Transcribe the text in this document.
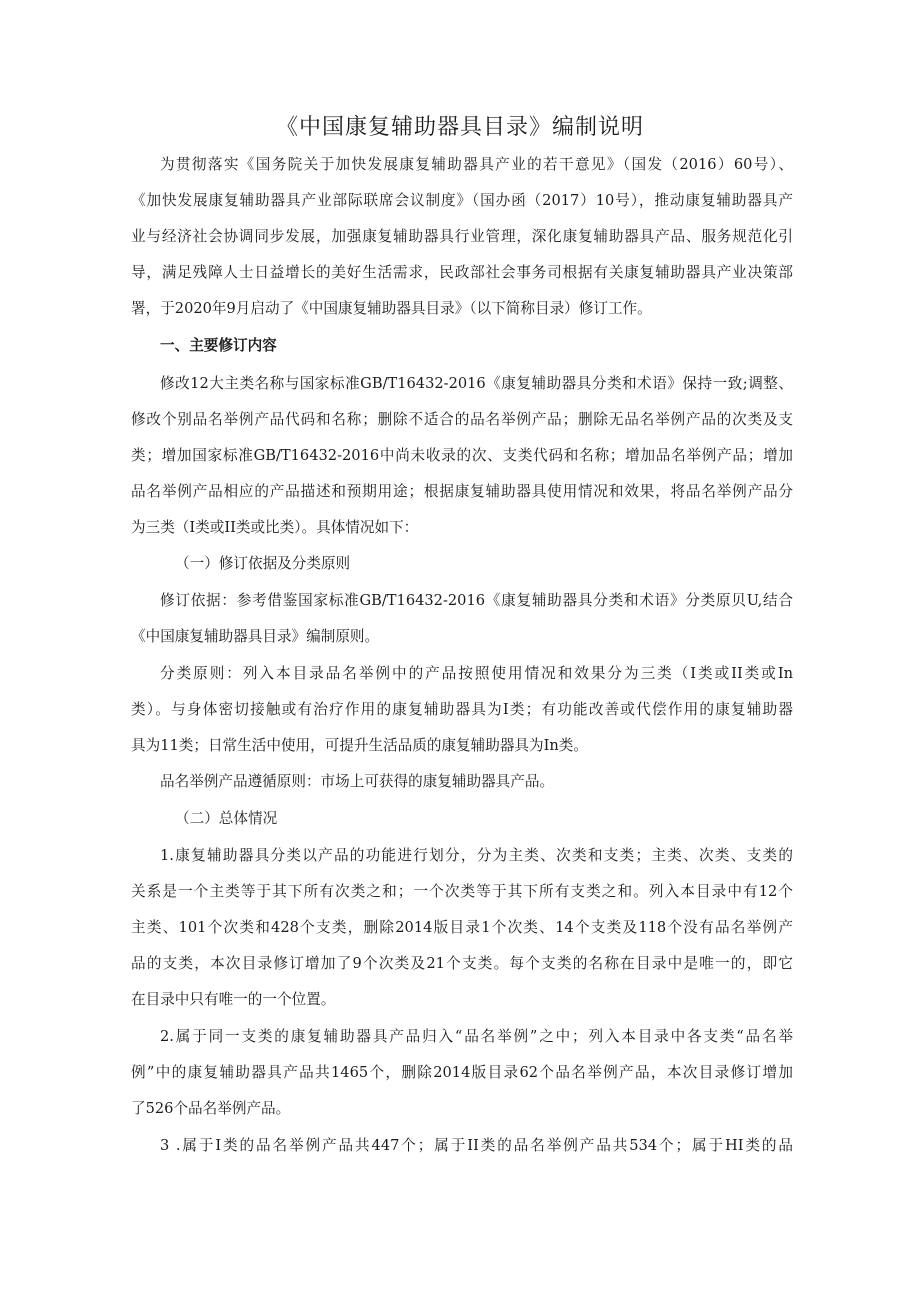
《中国康复辅助器具目录》编制说明
为贯彻落实《国务院关于加快发展康复辅助器具产业的若干意见》（国发（2016）60号）、
《加快发展康复辅助器具产业部际联席会议制度》（国办函（2017）10号），推动康复辅助器具产
业与经济社会协调同步发展，加强康复辅助器具行业管理，深化康复辅助器具产品、服务规范化引
导，满足残障人士日益增长的美好生活需求，民政部社会事务司根据有关康复辅助器具产业决策部
署，于2020年9月启动了《中国康复辅助器具目录》（以下简称目录）修订工作。
一、主要修订内容
修改12大主类名称与国家标准GB/T16432-2016《康复辅助器具分类和术语》保持一致;调整、
修改个别品名举例产品代码和名称；删除不适合的品名举例产品；删除无品名举例产品的次类及支
类；增加国家标准GB/T16432-2016中尚未收录的次、支类代码和名称；增加品名举例产品；增加
品名举例产品相应的产品描述和预期用途；根据康复辅助器具使用情况和效果，将品名举例产品分
为三类（I类或II类或比类）。具体情况如下：
（一）修订依据及分类原则
修订依据：参考借鉴国家标准GB/T16432-2016《康复辅助器具分类和术语》分类原贝U,结合
《中国康复辅助器具目录》编制原则。
分类原则：列入本目录品名举例中的产品按照使用情况和效果分为三类（I类或II类或In
类）。与身体密切接触或有治疗作用的康复辅助器具为I类；有功能改善或代偿作用的康复辅助器
具为11类；日常生活中使用，可提升生活品质的康复辅助器具为In类。
品名举例产品遵循原则：市场上可获得的康复辅助器具产品。
（二）总体情况
1.康复辅助器具分类以产品的功能进行划分，分为主类、次类和支类；主类、次类、支类的
关系是一个主类等于其下所有次类之和；一个次类等于其下所有支类之和。列入本目录中有12个
主类、101个次类和428个支类，删除2014版目录1个次类、14个支类及118个没有品名举例产
品的支类，本次目录修订增加了9个次类及21个支类。每个支类的名称在目录中是唯一的，即它
在目录中只有唯一的一个位置。
2.属于同一支类的康复辅助器具产品归入“品名举例”之中；列入本目录中各支类“品名举
例”中的康复辅助器具产品共1465个，删除2014版目录62个品名举例产品，本次目录修订增加
了526个品名举例产品。
3 .属于I类的品名举例产品共447个；属于II类的品名举例产品共534个；属于HI类的品
